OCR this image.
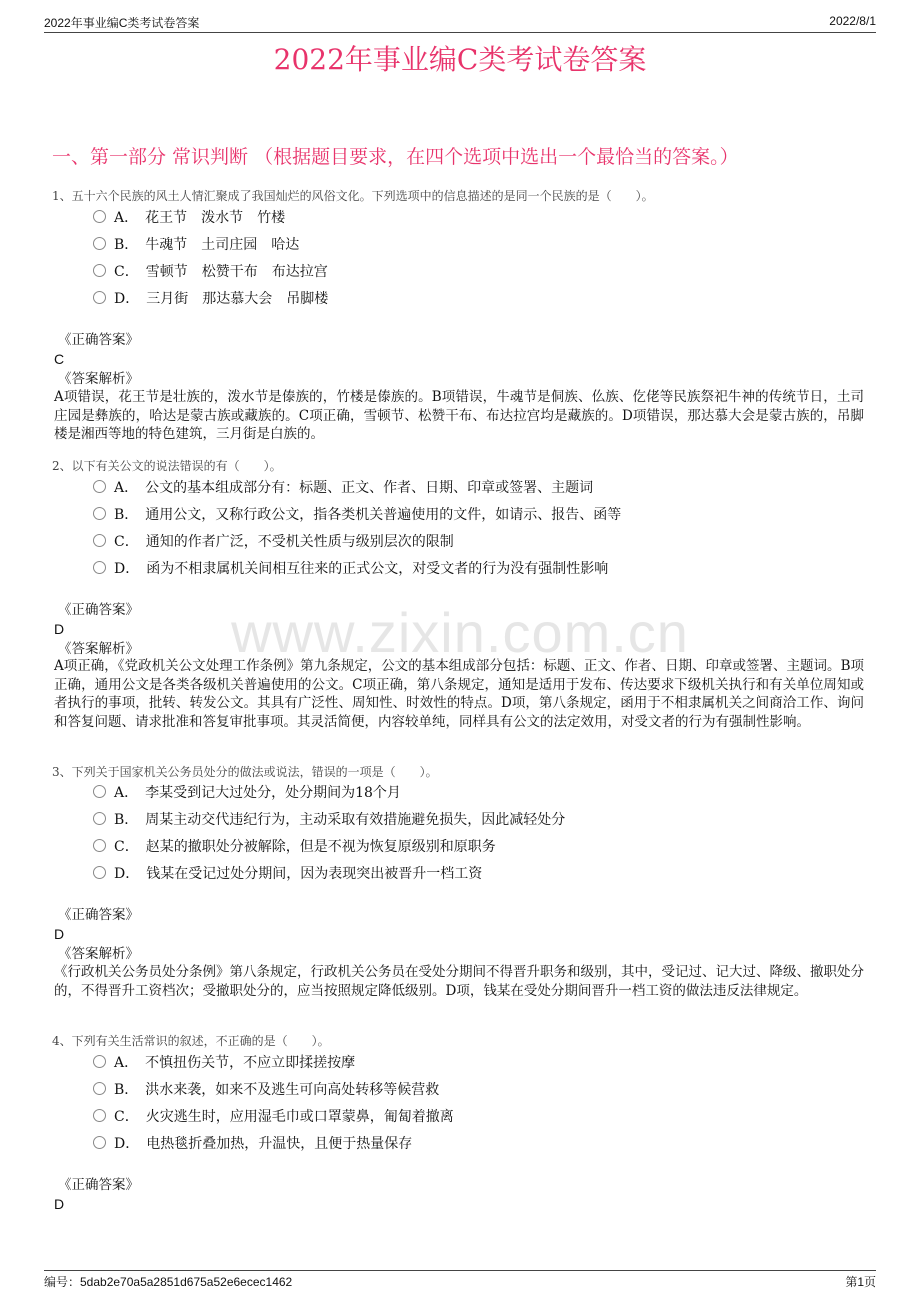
2022年事业编C类考试卷答案	2022/8/1
www.zixin.com.cn
2022年事业编C类考试卷答案
一、第一部分 常识判断 （根据题目要求，在四个选项中选出一个最恰当的答案。）
1、五十六个民族的风土人情汇聚成了我国灿烂的风俗文化。下列选项中的信息描述的是同一个民族的是（　　）。
A．　花王节　泼水节　竹楼
B．　牛魂节　土司庄园　哈达
C．　雪顿节　松赞干布　布达拉宫
D．　三月街　那达慕大会　吊脚楼
《正确答案》
C
《答案解析》
A项错误，花王节是壮族的，泼水节是傣族的，竹楼是傣族的。B项错误，牛魂节是侗族、仫族、仡佬等民族祭祀牛神的传统节日，土司庄园是彝族的，哈达是蒙古族或藏族的。C项正确，雪顿节、松赞干布、布达拉宫均是藏族的。D项错误，那达慕大会是蒙古族的，吊脚楼是湘西等地的特色建筑，三月街是白族的。
2、以下有关公文的说法错误的有（　　）。
A．　公文的基本组成部分有：标题、正文、作者、日期、印章或签署、主题词
B．　通用公文，又称行政公文，指各类机关普遍使用的文件，如请示、报告、函等
C．　通知的作者广泛，不受机关性质与级别层次的限制
D．　函为不相隶属机关间相互往来的正式公文，对受文者的行为没有强制性影响
《正确答案》
D
《答案解析》
A项正确，《党政机关公文处理工作条例》第九条规定，公文的基本组成部分包括：标题、正文、作者、日期、印章或签署、主题词。B项正确，通用公文是各类各级机关普遍使用的公文。C项正确，第八条规定，通知是适用于发布、传达要求下级机关执行和有关单位周知或者执行的事项，批转、转发公文。其具有广泛性、周知性、时效性的特点。D项，第八条规定，函用于不相隶属机关之间商洽工作、询问和答复问题、请求批准和答复审批事项。其灵活简便，内容较单纯，同样具有公文的法定效用，对受文者的行为有强制性影响。
3、下列关于国家机关公务员处分的做法或说法，错误的一项是（　　）。
A．　李某受到记大过处分，处分期间为18个月
B．　周某主动交代违纪行为，主动采取有效措施避免损失，因此减轻处分
C．　赵某的撤职处分被解除，但是不视为恢复原级别和原职务
D．　钱某在受记过处分期间，因为表现突出被晋升一档工资
《正确答案》
D
《答案解析》
《行政机关公务员处分条例》第八条规定，行政机关公务员在受处分期间不得晋升职务和级别，其中，受记过、记大过、降级、撤职处分的，不得晋升工资档次；受撤职处分的，应当按照规定降低级别。D项，钱某在受处分期间晋升一档工资的做法违反法律规定。
4、下列有关生活常识的叙述，不正确的是（　　）。
A．　不慎扭伤关节，不应立即揉搓按摩
B．　洪水来袭，如来不及逃生可向高处转移等候营救
C．　火灾逃生时，应用湿毛巾或口罩蒙鼻，匍匐着撤离
D．　电热毯折叠加热，升温快，且便于热量保存
《正确答案》
D
编号：5dab2e70a5a2851d675a52e6ecec1462	第1页
